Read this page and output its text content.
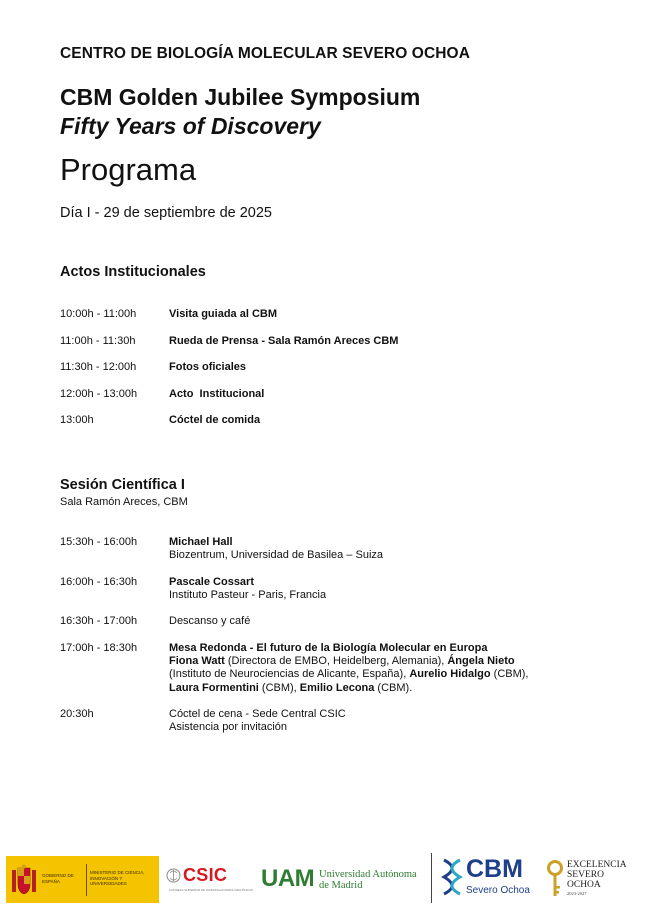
CENTRO DE BIOLOGÍA MOLECULAR SEVERO OCHOA
CBM Golden Jubilee Symposium
Fifty Years of Discovery
Programa
Día I - 29 de septiembre de 2025
Actos Institucionales
10:00h - 11:00h	Visita guiada al CBM
11:00h - 11:30h	Rueda de Prensa - Sala Ramón Areces CBM
11:30h - 12:00h	Fotos oficiales
12:00h - 13:00h	Acto  Institucional
13:00h	Cóctel de comida
Sesión Científica I
Sala Ramón Areces, CBM
15:30h - 16:00h	Michael Hall
Biozentrum, Universidad de Basilea – Suiza
16:00h - 16:30h	Pascale Cossart
Instituto Pasteur - Paris, Francia
16:30h - 17:00h	Descanso y café
17:00h - 18:30h	Mesa Redonda - El futuro de la Biología Molecular en Europa
Fiona Watt (Directora de EMBO, Heidelberg, Alemania), Ángela Nieto
(Instituto de Neurociencias de Alicante, España), Aurelio Hidalgo (CBM),
Laura Formentini (CBM), Emilio Lecona (CBM).
20:30h	Cóctel de cena - Sede Central CSIC
Asistencia por invitación
GOBIERNO DE ESPAÑA
MINISTERIO DE CIENCIA, INNOVACIÓN Y UNIVERSIDADES	CSIC
CONSEJO SUPERIOR DE INVESTIGACIONES CIENTÍFICAS UAM Universidad Autónoma
de Madrid
CBM
Severo Ochoa
EXCELENCIA
SEVERO
OCHOA
2023-2027
